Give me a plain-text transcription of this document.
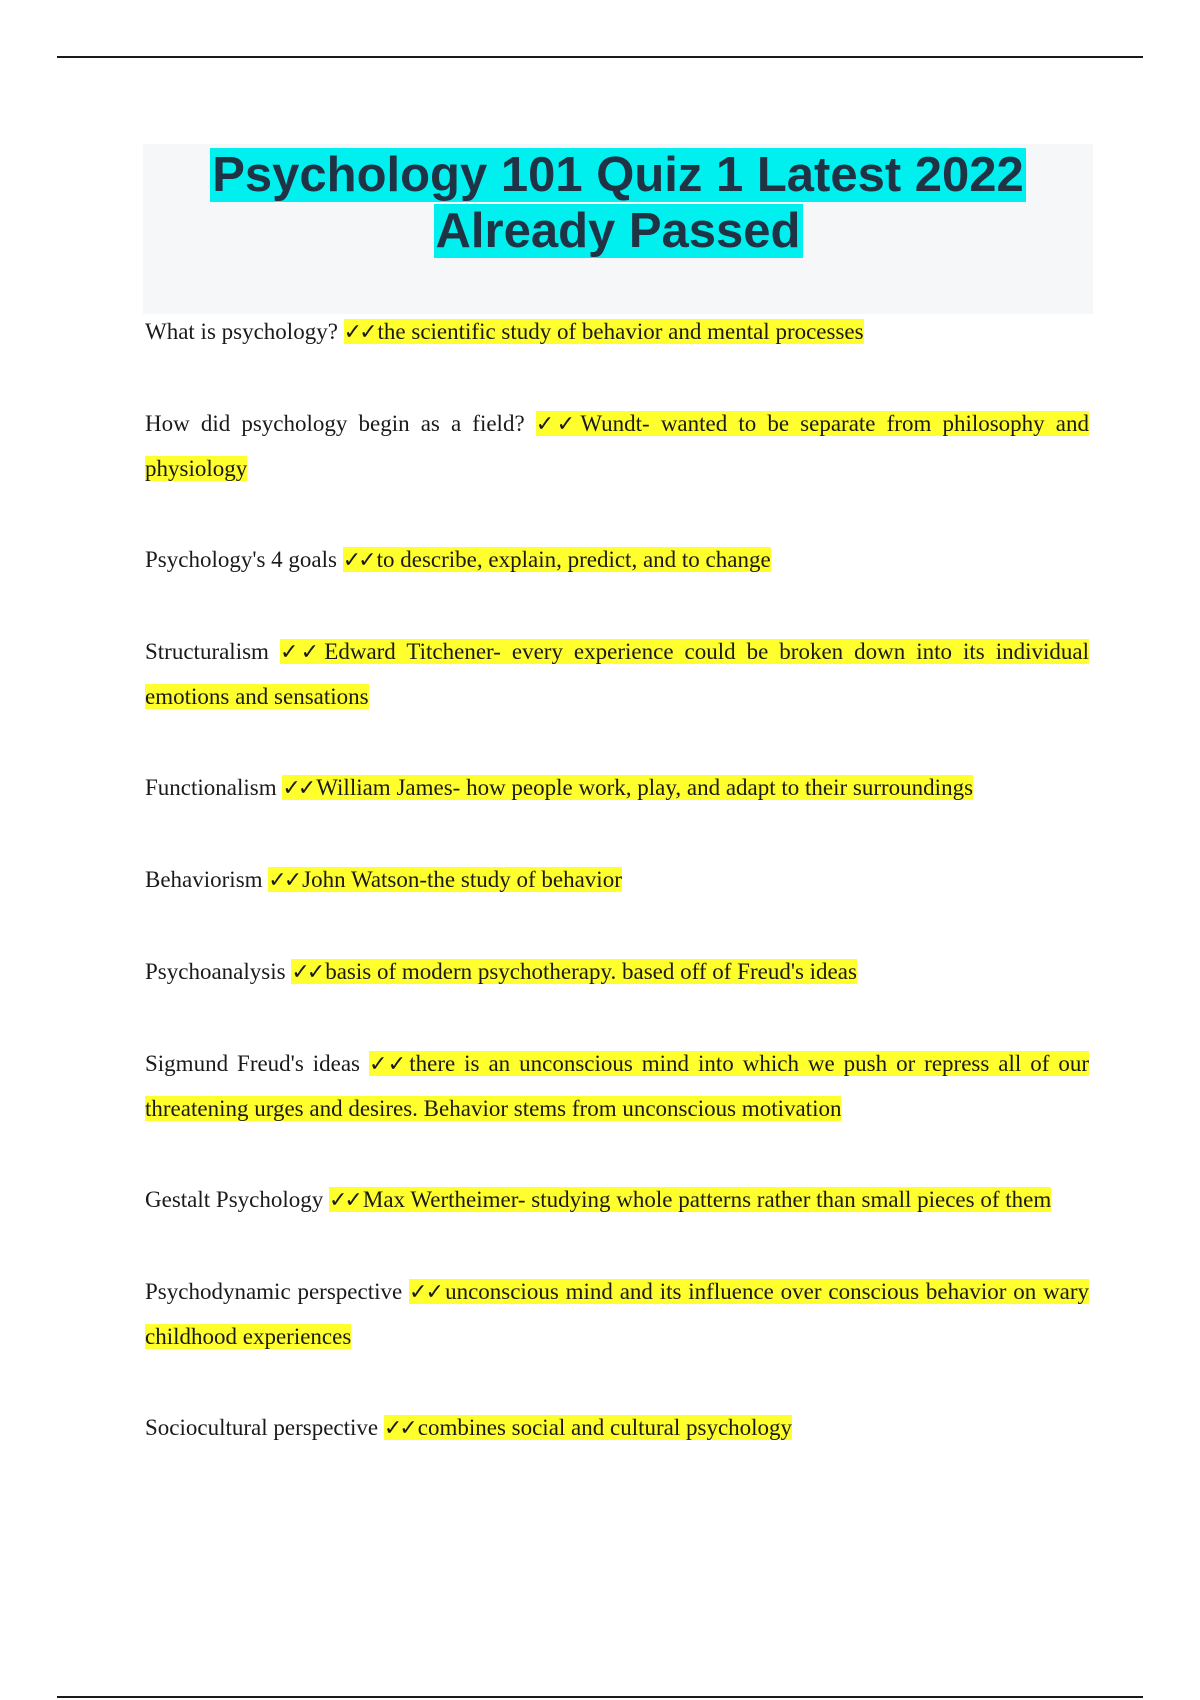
Psychology 101 Quiz 1 Latest 2022
Already Passed

What is psychology? ✓✓ the scientific study of behavior and mental processes

How did psychology begin as a field? ✓✓ Wundt- wanted to be separate from philosophy and physiology

Psychology's 4 goals ✓✓ to describe, explain, predict, and to change

Structuralism ✓✓ Edward Titchener- every experience could be broken down into its individual emotions and sensations

Functionalism ✓✓ William James- how people work, play, and adapt to their surroundings

Behaviorism ✓✓ John Watson-the study of behavior

Psychoanalysis ✓✓ basis of modern psychotherapy. based off of Freud's ideas

Sigmund Freud's ideas ✓✓ there is an unconscious mind into which we push or repress all of our threatening urges and desires. Behavior stems from unconscious motivation

Gestalt Psychology ✓✓ Max Wertheimer- studying whole patterns rather than small pieces of them

Psychodynamic perspective ✓✓ unconscious mind and its influence over conscious behavior on wary childhood experiences

Sociocultural perspective ✓✓ combines social and cultural psychology
